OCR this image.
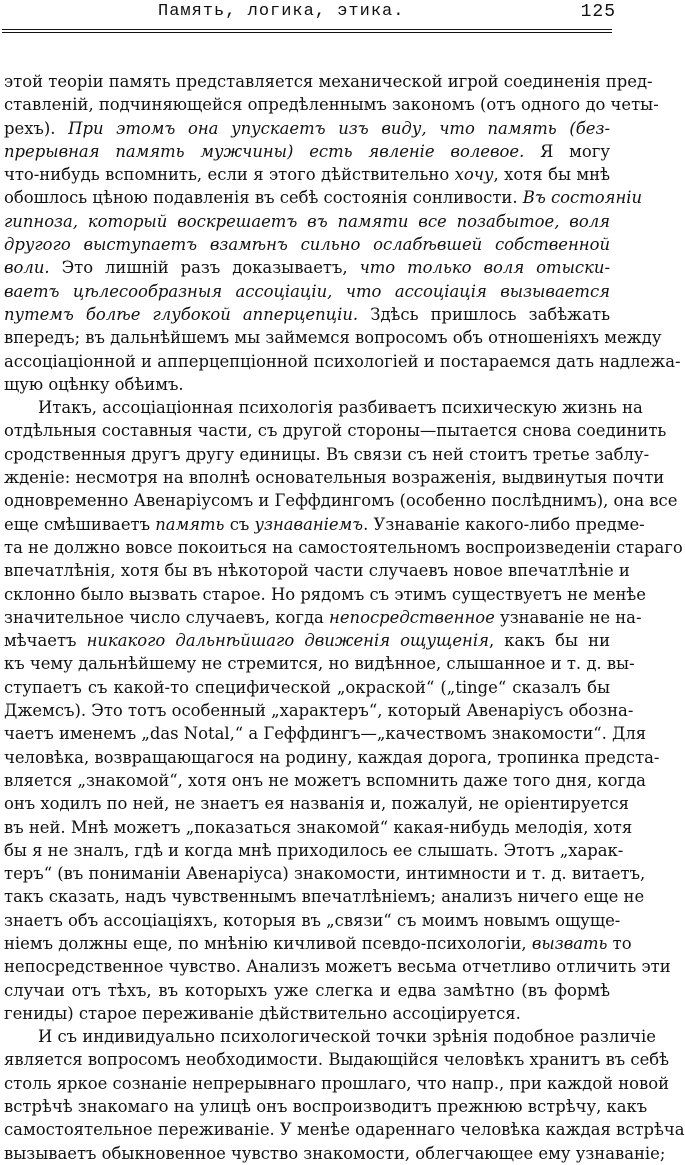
Память, логика, этика.	125
этой теоріи память представляется механической игрой соединенія пред-
ставленій, подчиняющейся опредѣленнымъ закономъ (отъ одного до четы-
рехъ). При этомъ она упускаетъ изъ виду, что память (без-
прерывная память мужчины) есть явленіе волевое. Я могу
что-нибудь вспомнить, если я этого дѣйствительно хочу, хотя бы мнѣ
обошлось цѣною подавленія въ себѣ состоянія сонливости. Въ состояніи
гипноза, который воскрешаетъ въ памяти все позабытое, воля
другого выступаетъ взамѣнъ сильно ослабѣвшей собственной
воли. Это лишній разъ доказываетъ, что только воля отыски-
ваетъ цѣлесообразныя ассоціаціи, что ассоціація вызывается
путемъ болѣе глубокой апперцепціи. Здѣсь пришлось забѣжать
впередъ; въ дальнѣйшемъ мы займемся вопросомъ объ отношеніяхъ между
ассоціаціонной и апперцепціонной психологіей и постараемся дать надлежа-
щую оцѣнку обѣимъ.
Итакъ, ассоціаціонная психологія разбиваетъ психическую жизнь на
отдѣльныя составныя части, съ другой стороны—пытается снова соединить
сродственныя другъ другу единицы. Въ связи съ ней стоитъ третье заблу-
жденіе: несмотря на вполнѣ основательныя возраженія, выдвинутыя почти
одновременно Авенаріусомъ и Геффдингомъ (особенно послѣднимъ), она все
еще смѣшиваетъ память съ узнаваніемъ. Узнаваніе какого-либо предме-
та не должно вовсе покоиться на самостоятельномъ воспроизведеніи стараго
впечатлѣнія, хотя бы въ нѣкоторой части случаевъ новое впечатлѣніе и
склонно было вызвать старое. Но рядомъ съ этимъ существуетъ не менѣе
значительное число случаевъ, когда непосредственное узнаваніе не на-
мѣчаетъ никакого дальнѣйшаго движенія ощущенія, какъ бы ни
къ чему дальнѣйшему не стремится, но видѣнное, слышанное и т. д. вы-
ступаетъ съ какой-то специфической „окраской“ („tinge“ сказалъ бы
Джемсъ). Это тотъ особенный „характеръ“, который Авенаріусъ обозна-
чаетъ именемъ „das Notal,“ а Геффдингъ—„качествомъ знакомости“. Для
человѣка, возвращающагося на родину, каждая дорога, тропинка предста-
вляется „знакомой“, хотя онъ не можетъ вспомнить даже того дня, когда
онъ ходилъ по ней, не знаетъ ея названія и, пожалуй, не оріентируется
въ ней. Мнѣ можетъ „показаться знакомой“ какая-нибудь мелодія, хотя
бы я не зналъ, гдѣ и когда мнѣ приходилось ее слышать. Этотъ „харак-
теръ“ (въ пониманіи Авенаріуса) знакомости, интимности и т. д. витаетъ,
такъ сказать, надъ чувственнымъ впечатлѣніемъ; анализъ ничего еще не
знаетъ объ ассоціаціяхъ, которыя въ „связи“ съ моимъ новымъ ощуще-
ніемъ должны еще, по мнѣнію кичливой псевдо-психологіи, вызвать то
непосредственное чувство. Анализъ можетъ весьма отчетливо отличить эти
случаи отъ тѣхъ, въ которыхъ уже слегка и едва замѣтно (въ формѣ
гениды) старое переживаніе дѣйствительно ассоціируется.
И съ индивидуально психологической точки зрѣнія подобное различіе
является вопросомъ необходимости. Выдающійся человѣкъ хранитъ въ себѣ
столь яркое сознаніе непрерывнаго прошлаго, что напр., при каждой новой
встрѣчѣ знакомаго на улицѣ онъ воспроизводитъ прежнюю встрѣчу, какъ
самостоятельное переживаніе. У менѣе одареннаго человѣка каждая встрѣча
вызываетъ обыкновенное чувство знакомости, облегчающее ему узнаваніе;
